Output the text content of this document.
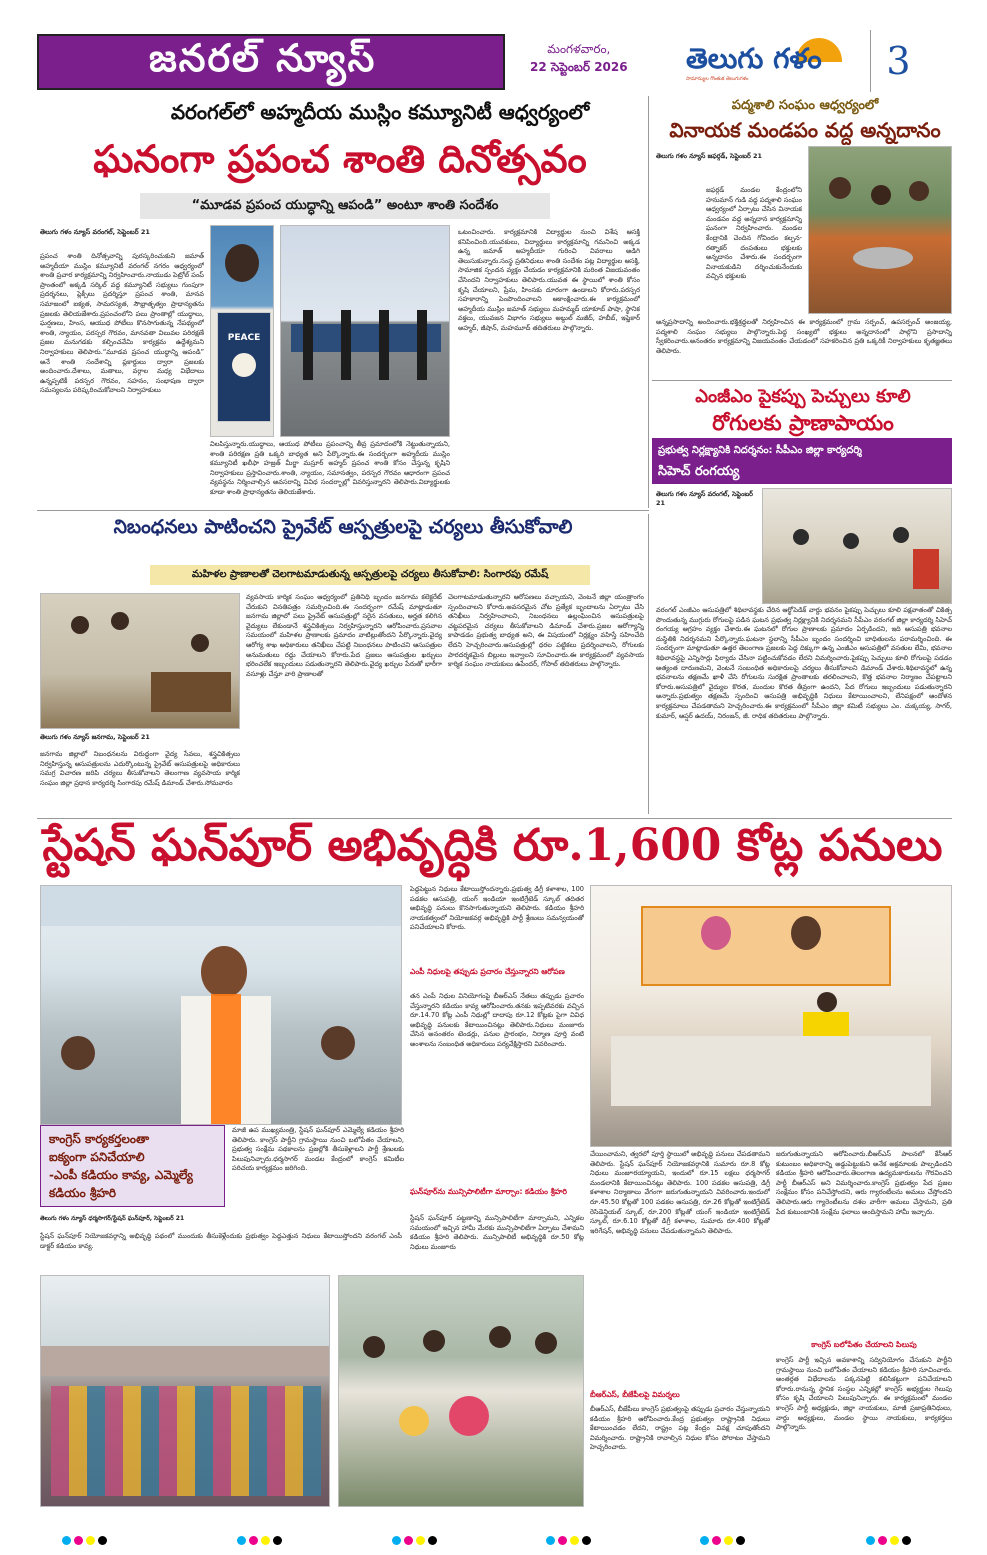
జనరల్ న్యూస్	మంగళవారం,
22 సెప్టెంబర్ 2026 తెలుగు గళం
సామాన్యుల గొంతుక తెలుగుగళం	3
వరంగల్‌లో అహ్మదీయ ముస్లిం కమ్యూనిటీ ఆధ్వర్యంలో
ఘనంగా ప్రపంచ శాంతి దినోత్సవం
“మూడవ ప్రపంచ యుద్ధాన్ని ఆపండి” అంటూ శాంతి సందేశం
తెలుగు గళం న్యూస్ వరంగల్, సెప్టెంబర్ 21
ప్రపంచ శాంతి దినోత్సవాన్ని పురస్కరించుకుని జమాత్ అహ్మదీయా ముస్లిం కమ్యూనిటీ వరంగల్ నగరం ఆధ్వర్యంలో శాంతి ప్రచార కార్యక్రమాన్ని నిర్వహించారు.నాయుడు పెట్రోల్ పంప్ ప్రాంతంలో అక్కడి సర్కిల్ వద్ద కమ్యూనిటీ సభ్యులు గుంపుగా ప్రదర్శనలు, ప్లెక్సీలు ప్రదర్శిస్తూ ప్రపంచ శాంతి, మానవ సమాజంలో ఐక్యత, సామరస్యత, సౌభ్రాతృత్వం ప్రాధాన్యతను ప్రజలకు తెలియజేశారు.ప్రపంచంలోని పలు ప్రాంతాల్లో యుద్ధాలు, ఘర్షణలు, హింస, ఆయుధ పోటీలు కొనసాగుతున్న నేపథ్యంలో శాంతి, న్యాయం, పరస్పర గౌరవం, మానవతా విలువల పరిరక్షణే ప్రజల మనుగడకు కల్పించవేమి కార్యక్రమ ఉద్దేశ్యమని నిర్వాహకులు తెలిపారు.“మూడవ ప్రపంచ యుద్ధాన్ని ఆపండి” అనే శాంతి సందేశాన్ని ప్లకార్డులు ద్వారా ప్రజలకు అందించారు.దేశాలు, మతాలు, వర్గాల మధ్య విభేదాలు ఉన్నప్పటికీ పరస్పర గౌరవం, సహనం, సంభాషణ ద్వారా సమస్యలను పరిష్కరించుకోవాలని నిర్వాహకులు
PEACE
విలపిస్తున్నారు.యుద్ధాలు, ఆయుధ పోటీలు ప్రపంచాన్ని తీవ్ర ప్రమాదంలోకి నెట్టుతున్నాయని, శాంతి పరిరక్షణ ప్రతి ఒక్కరి బాధ్యత అని పేర్కొన్నారు.ఈ సందర్భంగా అహ్మదీయ ముస్లిం కమ్యూనిటీ ఖలీఫా హజ్రత్ మీర్జా మస్రూర్ అహ్మద్ ప్రపంచ శాంతి కోసం చేస్తున్న కృషిని నిర్వాహకులు ప్రస్తావించారు.శాంతి, న్యాయం, సమానత్వం, పరస్పర గౌరవం ఆధారంగా ప్రపంచ వ్యవస్థను నిర్మించాల్సిన అవసరాన్ని వివిధ సందర్భాల్లో వివరిస్తున్నారని తెలిపారు.విద్యార్థులకు కూడా శాంతి ప్రాధాన్యతను తెలియజేశారు.
ఒటంచించారు. కార్యక్రమానికి విద్యార్థుల నుంచి విశేష ఆసక్తి కనిపించింది.యువకులు, విద్యార్థులు కార్యక్రమాన్ని గమనించి అక్కడ ఉన్న జమాత్ అహ్మదీయా గురించి వివరాలు అడిగి తెలుసుకున్నారు.సంస్థ ప్రతినిధులు శాంతి సందేశం పట్ల విద్యార్థుల ఆసక్తి, సామాజిక స్పందన వ్యక్తం చేయడం కార్యక్రమానికి మరింత విజయవంతం చేసిందని నిర్వాహకులు తెలిపారు.యువత ఈ స్థాయిలో శాంతి కోసం కృషి చేయాలని, ప్రేమ, హింసకు దూరంగా ఉండాలని కోరారు.పరస్పర సహకారాన్ని పెంపొందించాలని ఆకాంక్షించారు.ఈ కార్యక్రమంలో అహ్మదీయ ముస్లిం జమాత్ సభ్యులు మహమ్మద్ యాకూబ్ పాషా, స్థానిక వక్తలు, యువజన విభాగం సభ్యులు అబ్దుల్ మజీద్, హబీబ్, ఇఫ్తెకార్ అహ్మద్, జీషాన్, మహమూద్ తదితరులు పాల్గొన్నారు.
పద్మశాలి సంఘం ఆధ్వర్యంలో
వినాయక మండపం వద్ద అన్నదానం
తెలుగు గళం న్యూస్ జఫర్గడ్, సెప్టెంబర్ 21
జఫర్గడ్ మండల కేంద్రంలోని హనుమాన్ గుడి వద్ద పద్మశాలి సంఘం ఆధ్వర్యంలో ఏర్పాటు చేసిన వినాయక మండపం వద్ద అన్నదాన కార్యక్రమాన్ని ఘనంగా నిర్వహించారు. మండల కేంద్రానికి చెందిన గోవిందం కల్పన-రత్నాకర్ దంపతులు భక్తులకు అన్నదానం చేశారు.ఈ సందర్భంగా వినాయకుడిని దర్శించుకునేందుకు వచ్చిన భక్తులకు
అన్నప్రసాదాన్ని అందించారు.భక్తిశ్రద్ధలతో నిర్వహించిన ఈ కార్యక్రమంలో గ్రామ సర్పంచ్, ఉపసర్పంచ్ అంజయ్య, పద్మశాలి సంఘం సభ్యులు పాల్గొన్నారు.పెద్ద సంఖ్యలో భక్తులు అన్నదానంలో పాల్గొని ప్రసాదాన్ని స్వీకరించారు.అనంతరం కార్యక్రమాన్ని విజయవంతం చేయడంలో సహకరించిన ప్రతి ఒక్కరికీ నిర్వాహకులు కృతజ్ఞతలు తెలిపారు.
ఎంజీఎం పైకప్పు పెచ్చులు కూలి
రోగులకు ప్రాణాపాయం
ప్రభుత్వ నిర్లక్ష్యానికి నిదర్శనం: సీపీఎం జిల్లా కార్యదర్శి
సిహెచ్ రంగయ్య
తెలుగు గళం న్యూస్ వరంగల్, సెప్టెంబర్ 21
వరంగల్ ఎంజీఎం ఆసుపత్రిలో శిథిలావస్థకు చేరిన ఆర్థోపెడిక్ వార్డు భవనం పైకప్పు పెచ్చులు కూలి పక్షవాతంతో చికిత్స పొందుతున్న ముగ్గురు రోగులపై పడిన ఘటన ప్రభుత్వ నిర్లక్ష్యానికి నిదర్శనమని సీపీఎం వరంగల్ జిల్లా కార్యదర్శి సిహెచ్ రంగయ్య ఆగ్రహం వ్యక్తం చేశారు.ఈ ఘటనలో రోగుల ప్రాణాలకు ప్రమాదం ఏర్పడిందని, ఇది ఆసుపత్రి భవనాల దుస్థితికి నిదర్శనమని పేర్కొన్నారు.ఘటనా స్థలాన్ని సీపీఎం బృందం సందర్శించి బాధితులను పరామర్శించింది. ఈ సందర్భంగా మాట్లాడుతూ ఉత్తర తెలంగాణ ప్రజలకు పెద్ద దిక్కుగా ఉన్న ఎంజీఎం ఆసుపత్రిలో వసతుల లేమి, భవనాల శిథిలావస్థపై ఎన్నిసార్లు ఫిర్యాదు చేసినా పట్టించుకోవడం లేదని విమర్శించారు.పైకప్పు పెచ్చులు కూలి రోగులపై పడడం అత్యంత దారుణమని, వెంటనే సంబంధిత అధికారులపై చర్యలు తీసుకోవాలని డిమాండ్ చేశారు.శిథిలావస్థలో ఉన్న భవనాలను తక్షణమే ఖాళీ చేసి రోగులను సురక్షిత ప్రాంతాలకు తరలించాలని, కొత్త భవనాల నిర్మాణం చేపట్టాలని కోరారు.ఆసుపత్రిలో వైద్యుల కొరత, మందుల కొరత తీవ్రంగా ఉందని, పేద రోగులు ఇబ్బందులు పడుతున్నారని అన్నారు.ప్రభుత్వం తక్షణమే స్పందించి ఆసుపత్రి అభివృద్ధికి నిధులు కేటాయించాలని, లేనిపక్షంలో ఆందోళన కార్యక్రమాలు చేపడతామని హెచ్చరించారు.ఈ కార్యక్రమంలో సీపీఎం జిల్లా కమిటీ సభ్యులు ఎం. చుక్కయ్య, సాగర్, కుమార్, ఆప్షర్ ఉదయ్, నిరంజన్, జీ. రాధిక తదితరులు పాల్గొన్నారు.
నిబంధనలు పాటించని ప్రైవేట్ ఆస్పత్రులపై చర్యలు తీసుకోవాలి
మహిళల ప్రాణాలతో చెలగాటమాడుతున్న ఆస్పత్రులపై చర్యలు తీసుకోవాలి: సింగారపు రమేష్
తెలుగు గళం న్యూస్ జనగామ, సెప్టెంబర్ 21
జనగామ జిల్లాలో నిబంధనలను విరుద్ధంగా వైద్య సేవలు, శస్త్రచికిత్సలు నిర్వహిస్తున్న ఆసుపత్రులను ఎదుర్కొంటున్న ప్రైవేట్ ఆసుపత్రులపై అధికారులు సమగ్ర విచారణ జరిపి చర్యలు తీసుకోవాలని తెలంగాణ వ్యవసాయ కార్మిక సంఘం జిల్లా ప్రధాన కార్యదర్శి సింగారపు రమేష్ డిమాండ్ చేశారు.సోమవారం
వ్యవసాయ కార్మిక సంఘం ఆధ్వర్యంలో ప్రతినిధి బృందం జనగామ కలెక్టరేట్ చేరుకుని వినతిపత్రం సమర్పించింది.ఈ సందర్భంగా రమేష్ మాట్లాడుతూ జనగామ జిల్లాలో పలు ప్రైవేట్ ఆసుపత్రుల్లో సరైన వసతులు, అర్హత కలిగిన వైద్యులు లేకుండానే శస్త్రచికిత్సలు నిర్వహిస్తున్నారని ఆరోపించారు.ప్రసవాల సమయంలో మహిళల ప్రాణాలకు ప్రమాదం వాటిల్లుతోందని పేర్కొన్నారు.వైద్య ఆరోగ్య శాఖ అధికారులు తనిఖీలు చేపట్టి నిబంధనలు పాటించని ఆసుపత్రుల అనుమతులు రద్దు చేయాలని కోరారు.పేద ప్రజలు ఆసుపత్రుల ఖర్చులు భరించలేక ఇబ్బందులు పడుతున్నారని తెలిపారు.వైద్య ఖర్చుల పేరుతో భారీగా వసూళ్లు చేస్తూ వారి ప్రాణాలతో
చెలగాటమాడుతున్నారని ఆరోపణలు వచ్చాయని, వెంటనే జిల్లా యంత్రాంగం స్పందించాలని కోరారు.అవసరమైన చోట ప్రత్యేక బృందాలను ఏర్పాటు చేసి తనిఖీలు నిర్వహించాలని, నిబంధనలు ఉల్లంఘించిన ఆసుపత్రులపై చట్టపరమైన చర్యలు తీసుకోవాలని డిమాండ్ చేశారు.ప్రజల ఆరోగ్యాన్ని కాపాడడం ప్రభుత్వ బాధ్యత అని, ఈ విషయంలో నిర్లక్ష్యం వహిస్తే సహించేది లేదని హెచ్చరించారు.ఆసుపత్రుల్లో ధరల పట్టికలు ప్రదర్శించాలని, రోగులకు పారదర్శకమైన బిల్లులు ఇవ్వాలని సూచించారు.ఈ కార్యక్రమంలో వ్యవసాయ కార్మిక సంఘం నాయకులు ఉపేందర్, గోపాల్ తదితరులు పాల్గొన్నారు.
స్టేషన్ ఘన్‌పూర్ అభివృద్ధికి రూ.1,600 కోట్ల పనులు
కాంగ్రెస్ కార్యకర్తలంతా
ఐక్యంగా పనిచేయాలి
-ఎంపీ కడియం కావ్య, ఎమ్మెల్యే
కడియం శ్రీహరి
తెలుగు గళం న్యూస్ ధర్మసాగర్/స్టేషన్ ఘన్‌పూర్, సెప్టెంబర్ 21
స్టేషన్ ఘన్‌పూర్ నియోజకవర్గాన్ని అభివృద్ధి పథంలో ముందుకు తీసుకెళ్లేందుకు ప్రభుత్వం పెద్దఎత్తున నిధులు కేటాయిస్తోందని వరంగల్ ఎంపీ డాక్టర్ కడియం కావ్య.
మాజీ ఉప ముఖ్యమంత్రి, స్టేషన్ ఘన్‌పూర్ ఎమ్మెల్యే కడియం శ్రీహరి తెలిపారు. కాంగ్రెస్ పార్టీని గ్రామస్థాయి నుంచి బలోపేతం చేయాలని, ప్రభుత్వ సంక్షేమ పథకాలను ప్రజల్లోకి తీసుకెళ్లాలని పార్టీ శ్రేణులకు పిలుపునిచ్చారు.ధర్మసాగర్ మండల కేంద్రంలో కాంగ్రెస్ కమిటీల పరిచయ కార్యక్రమం జరిగింది.
పెద్దపెట్టున నిధులు కేటాయిస్తోందన్నారు.ప్రభుత్వ డిగ్రీ కళాశాల, 100 పడకల ఆసుపత్రి, యంగ్ ఇండియా ఇంటిగ్రేటెడ్ స్కూల్ తదితర అభివృద్ధి పనులు కొనసాగుతున్నాయని తెలిపారు. కడియం శ్రీహరి నాయకత్వంలో నియోజకవర్గ అభివృద్ధికి పార్టీ శ్రేణులు సమన్వయంతో పనిచేయాలని కోరారు.
ఎంపీ నిధులపై తప్పుడు ప్రచారం చేస్తున్నారని ఆరోపణ
తన ఎంపీ నిధుల వినియోగంపై బీఆర్ఎస్ నేతలు తప్పుడు ప్రచారం చేస్తున్నారని కడియం కావ్య ఆరోపించారు.తనకు ఇప్పటివరకు వచ్చిన రూ.14.70 కోట్ల ఎంపీ నిధుల్లో దాదాపు రూ.12 కోట్లకు పైగా వివిధ అభివృద్ధి పనులకు కేటాయించినట్లు తెలిపారు.నిధులు మంజూరు చేసిన అనంతరం టెండర్లు, పనుల ప్రారంభం, నిర్మాణ పూర్తి వంటి అంశాలను సంబంధిత అధికారులు పర్యవేక్షిస్తారని వివరించారు.
ఘన్‌పూర్‌ను మున్సిపాలిటీగా మార్చాం: కడియం శ్రీహరి
స్టేషన్ ఘన్‌పూర్ పట్టణాన్ని మున్సిపాలిటీగా మార్చామని, ఎన్నికల సమయంలో ఇచ్చిన హామీ మేరకు మున్సిపాలిటీగా ఏర్పాటు చేశామని కడియం శ్రీహరి తెలిపారు. మున్సిపాలిటీ అభివృద్ధికి రూ.50 కోట్ల నిధులు మంజూరు
చేయించామని, త్వరలో పూర్తి స్థాయిలో అభివృద్ధి పనులు చేపడతామని తెలిపారు. స్టేషన్ ఘన్‌పూర్ నియోజకవర్గానికి సుమారు రూ.8 కోట్ల నిధులు మంజూరయ్యాయని, ఇందులో రూ.15 లక్షలు ధర్మసాగర్ మండలానికి కేటాయించినట్లు తెలిపారు. 100 పడకల ఆసుపత్రి, డిగ్రీ కళాశాల నిర్మాణాలు వేగంగా జరుగుతున్నాయని వివరించారు.ఇందులో రూ.45.50 కోట్లతో 100 పడకల ఆసుపత్రి, రూ.26 కోట్లతో ఇంటిగ్రేటెడ్ రెసిడెన్షియల్ స్కూల్, రూ.200 కోట్లతో యంగ్ ఇండియా ఇంటిగ్రేటెడ్ స్కూల్, రూ.6.10 కోట్లతో డిగ్రీ కళాశాల, సుమారు రూ.400 కోట్లతో ఇరిగేషన్, అభివృద్ధి పనులు చేపడుతున్నామని తెలిపారు.
బీఆర్ఎస్, బీజేపీలపై విమర్శలు
బీఆర్ఎస్, బీజేపీలు కాంగ్రెస్ ప్రభుత్వంపై తప్పుడు ప్రచారం చేస్తున్నాయని కడియం శ్రీహరి ఆరోపించారు.కేంద్ర ప్రభుత్వం రాష్ట్రానికి నిధులు కేటాయించడం లేదని, రాష్ట్రం పట్ల కేంద్రం వివక్ష చూపుతోందని విమర్శించారు. రాష్ట్రానికి రావాల్సిన నిధుల కోసం పోరాటం చేస్తామని హెచ్చరించారు.
జరుగుతున్నాయని ఆరోపించారు.బీఆర్ఎస్ పాలనలో కేసీఆర్ కుటుంబం అధికారాన్ని అడ్డుపెట్టుకుని అనేక అక్రమాలకు పాల్పడిందని కడియం శ్రీహరి ఆరోపించారు.తెలంగాణ ఉద్యమకారులను గౌరవించని పార్టీ బీఆర్ఎస్ అని విమర్శించారు.కాంగ్రెస్ ప్రభుత్వం పేద ప్రజల సంక్షేమం కోసం పనిచేస్తోందని, ఆరు గ్యారంటీలను అమలు చేస్తోందని తెలిపారు.ఆరు గ్యారెంటీలను దశల వారీగా అమలు చేస్తామని, ప్రతి పేద కుటుంబానికి సంక్షేమ ఫలాలు అందిస్తామని హామీ ఇచ్చారు.
కాంగ్రెస్ బలోపేతం చేయాలని పిలుపు
కాంగ్రెస్ పార్టీ ఇచ్చిన అవకాశాన్ని సద్వినియోగం చేసుకుని పార్టీని గ్రామస్థాయి నుంచి బలోపేతం చేయాలని కడియం శ్రీహరి సూచించారు. అంతర్గత విభేదాలను పక్కనపెట్టి కలిసికట్టుగా పనిచేయాలని కోరారు.రానున్న స్థానిక సంస్థల ఎన్నికల్లో కాంగ్రెస్ అభ్యర్థుల గెలుపు కోసం కృషి చేయాలని పిలుపునిచ్చారు. ఈ కార్యక్రమంలో మండల కాంగ్రెస్ పార్టీ అధ్యక్షుడు, జిల్లా నాయకులు, మాజీ ప్రజాప్రతినిధులు, వార్డు అధ్యక్షులు, మండల స్థాయి నాయకులు, కార్యకర్తలు పాల్గొన్నారు.
